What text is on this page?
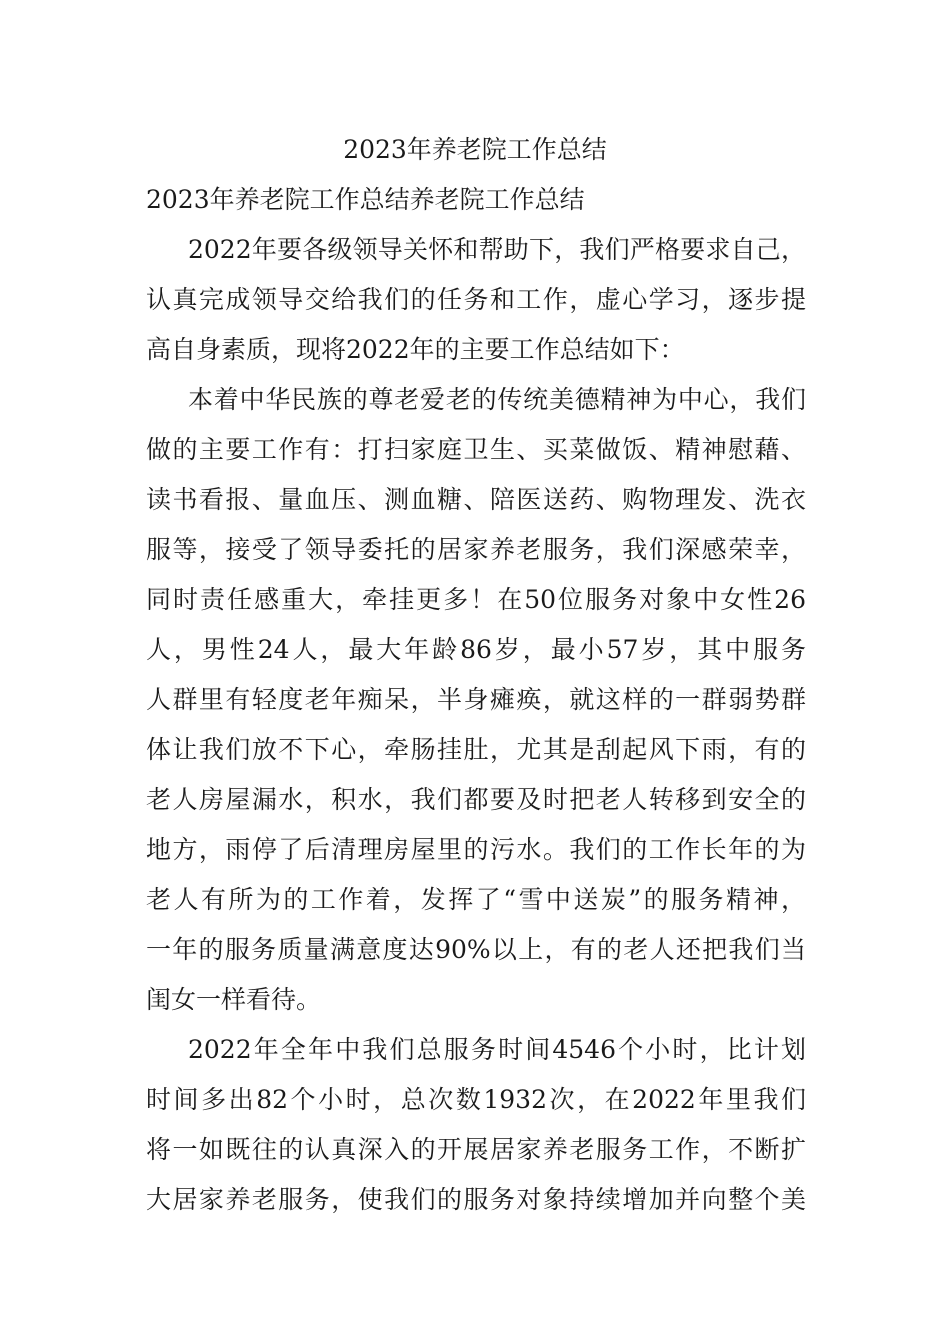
2023年养老院工作总结
2023年养老院工作总结养老院工作总结
2022年要各级领导关怀和帮助下，我们严格要求自己，
认真完成领导交给我们的任务和工作，虚心学习，逐步提
高自身素质，现将2022年的主要工作总结如下：
本着中华民族的尊老爱老的传统美德精神为中心，我们
做的主要工作有：打扫家庭卫生、买菜做饭、精神慰藉、
读书看报、量血压、测血糖、陪医送药、购物理发、洗衣
服等，接受了领导委托的居家养老服务，我们深感荣幸，
同时责任感重大，牵挂更多！在50位服务对象中女性26
人，男性24人，最大年龄86岁，最小57岁，其中服务
人群里有轻度老年痴呆，半身瘫痪，就这样的一群弱势群
体让我们放不下心，牵肠挂肚，尤其是刮起风下雨，有的
老人房屋漏水，积水，我们都要及时把老人转移到安全的
地方，雨停了后清理房屋里的污水。我们的工作长年的为
老人有所为的工作着，发挥了“雪中送炭”的服务精神，
一年的服务质量满意度达90%以上，有的老人还把我们当
闺女一样看待。
2022年全年中我们总服务时间4546个小时，比计划
时间多出82个小时，总次数1932次，在2022年里我们
将一如既往的认真深入的开展居家养老服务工作，不断扩
大居家养老服务，使我们的服务对象持续增加并向整个美
